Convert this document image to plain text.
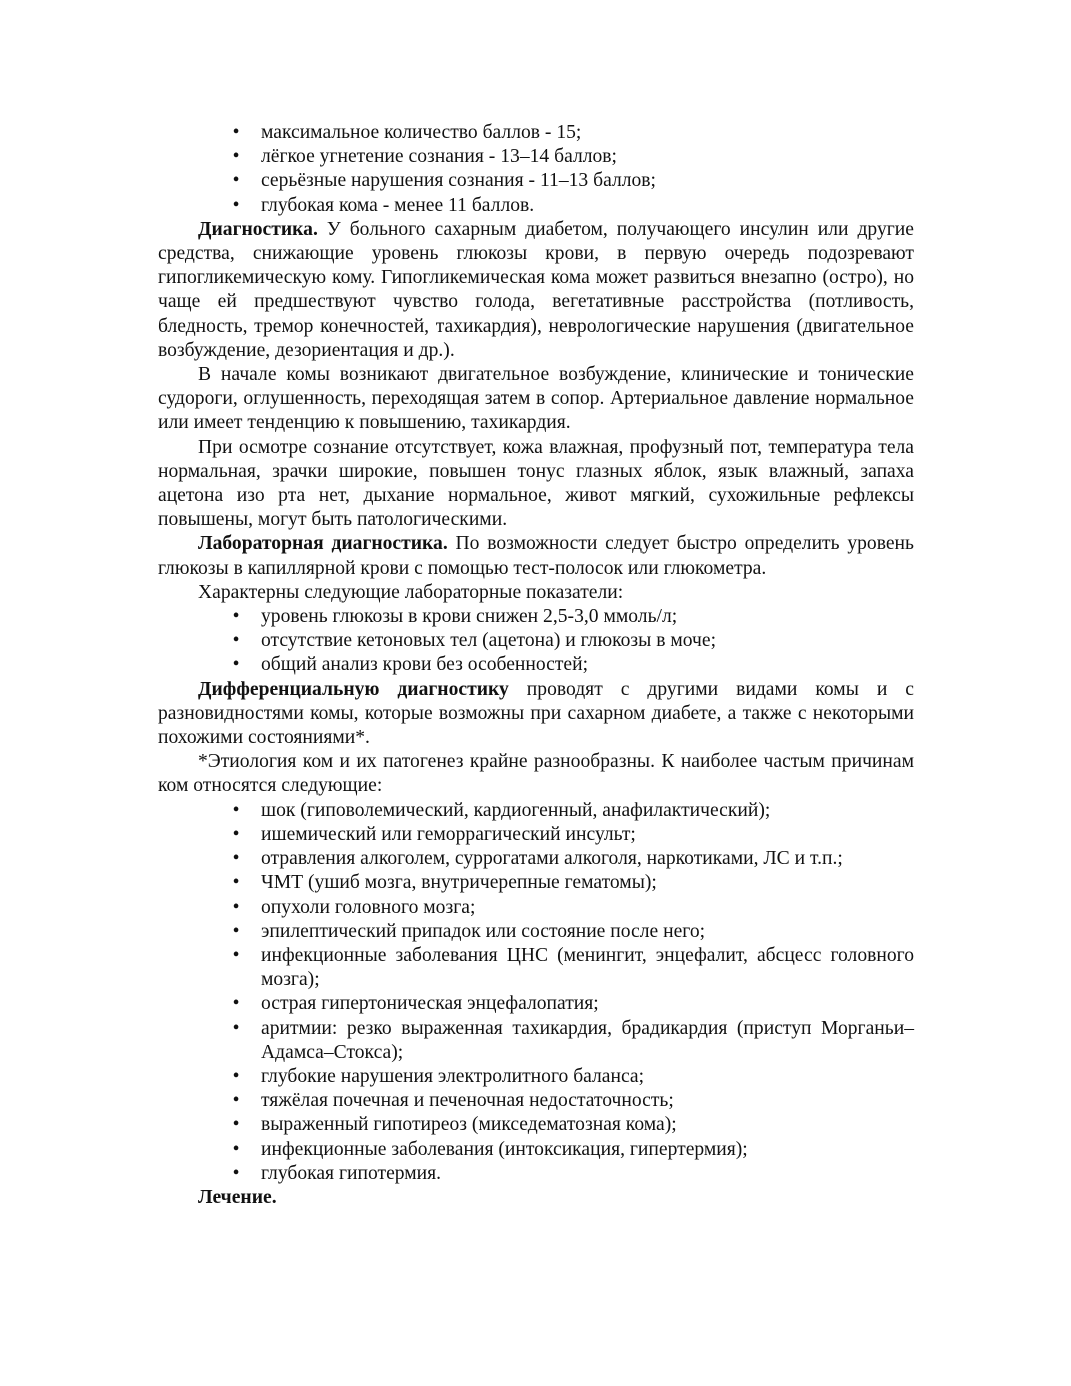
• максимальное количество баллов - 15;
• лёгкое угнетение сознания - 13–14 баллов;
• серьёзные нарушения сознания - 11–13 баллов;
• глубокая кома - менее 11 баллов.

Диагностика. У больного сахарным диабетом, получающего инсулин или другие средства, снижающие уровень глюкозы крови, в первую очередь подозревают гипогликемическую кому. Гипогликемическая кома может развиться внезапно (остро), но чаще ей предшествуют чувство голода, вегетативные расстройства (потливость, бледность, тремор конечностей, тахикардия), неврологические нарушения (двигательное возбуждение, дезориентация и др.).

В начале комы возникают двигательное возбуждение, клинические и тонические судороги, оглушенность, переходящая затем в сопор. Артериальное давление нормальное или имеет тенденцию к повышению, тахикардия.

При осмотре сознание отсутствует, кожа влажная, профузный пот, температура тела нормальная, зрачки широкие, повышен тонус глазных яблок, язык влажный, запаха ацетона изо рта нет, дыхание нормальное, живот мягкий, сухожильные рефлексы повышены, могут быть патологическими.

Лабораторная диагностика. По возможности следует быстро определить уровень глюкозы в капиллярной крови с помощью тест-полосок или глюкометра.

Характерны следующие лабораторные показатели:

• уровень глюкозы в крови снижен 2,5-3,0 ммоль/л;
• отсутствие кетоновых тел (ацетона) и глюкозы в моче;
• общий анализ крови без особенностей;

Дифференциальную диагностику проводят с другими видами комы и с разновидностями комы, которые возможны при сахарном диабете, а также с некоторыми похожими состояниями*.

*Этиология ком и их патогенез крайне разнообразны. К наиболее частым причинам ком относятся следующие:

• шок (гиповолемический, кардиогенный, анафилактический);
• ишемический или геморрагический инсульт;
• отравления алкоголем, суррогатами алкоголя, наркотиками, ЛС и т.п.;
• ЧМТ (ушиб мозга, внутричерепные гематомы);
• опухоли головного мозга;
• эпилептический припадок или состояние после него;
• инфекционные заболевания ЦНС (менингит, энцефалит, абсцесс головного мозга);
• острая гипертоническая энцефалопатия;
• аритмии: резко выраженная тахикардия, брадикардия (приступ Морганьи–Адамса–Стокса);
• глубокие нарушения электролитного баланса;
• тяжёлая почечная и печеночная недостаточность;
• выраженный гипотиреоз (микседематозная кома);
• инфекционные заболевания (интоксикация, гипертермия);
• глубокая гипотермия.

Лечение.
